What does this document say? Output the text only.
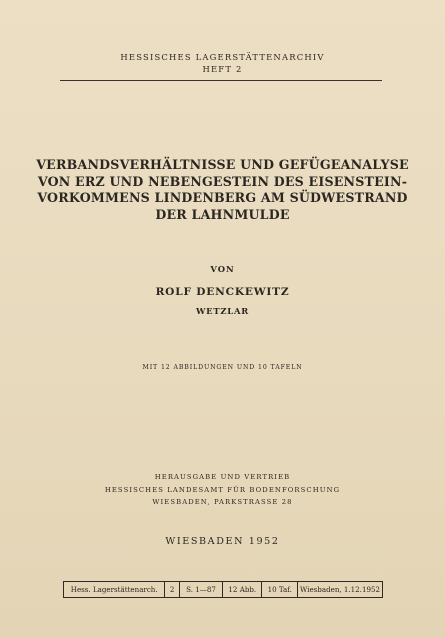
HESSISCHES LAGERSTÄTTENARCHIV
HEFT 2
VERBANDSVERHÄLTNISSE UND GEFÜGEANALYSE
VON ERZ UND NEBENGESTEIN DES EISENSTEIN-
VORKOMMENS LINDENBERG AM SÜDWESTRAND
DER LAHNMULDE
VON
ROLF DENCKEWITZ
WETZLAR
MIT 12 ABBILDUNGEN UND 10 TAFELN
HERAUSGABE UND VERTRIEB
HESSISCHES LANDESAMT FÜR BODENFORSCHUNG
WIESBADEN, PARKSTRASSE 28
WIESBADEN 1952
Hess. Lagerstättenarch.	2	S. 1—87	12 Abb.	10 Taf.	Wiesbaden, 1.12.1952
